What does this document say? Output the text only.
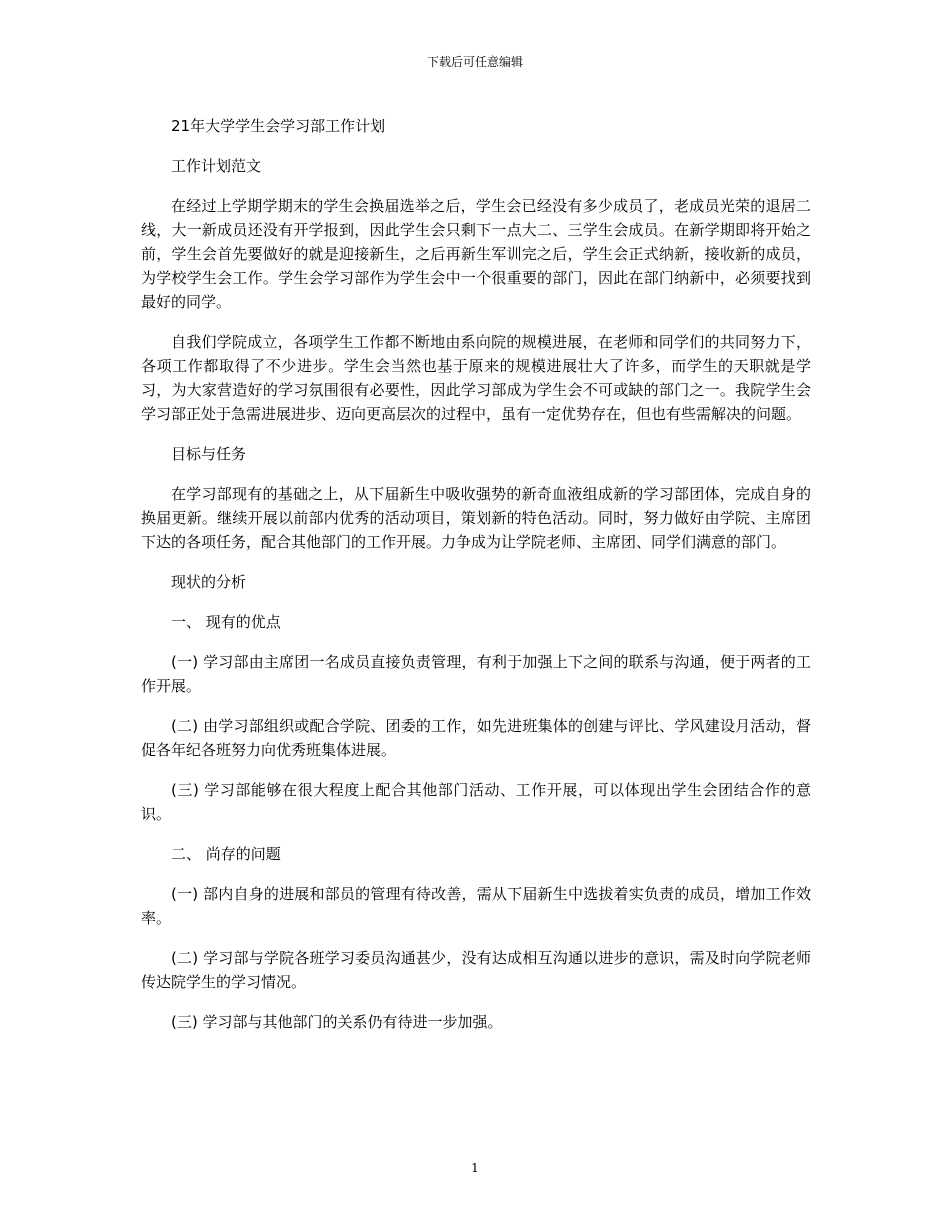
下载后可任意编辑

21年大学学生会学习部工作计划

工作计划范文

在经过上学期学期末的学生会换届选举之后，学生会已经没有多少成员了，老成员光荣的退居二线，大一新成员还没有开学报到，因此学生会只剩下一点大二、三学生会成员。在新学期即将开始之前，学生会首先要做好的就是迎接新生，之后再新生军训完之后，学生会正式纳新，接收新的成员，为学校学生会工作。学生会学习部作为学生会中一个很重要的部门，因此在部门纳新中，必须要找到最好的同学。

自我们学院成立，各项学生工作都不断地由系向院的规模进展，在老师和同学们的共同努力下，各项工作都取得了不少进步。学生会当然也基于原来的规模进展壮大了许多，而学生的天职就是学习，为大家营造好的学习氛围很有必要性，因此学习部成为学生会不可或缺的部门之一。我院学生会学习部正处于急需进展进步、迈向更高层次的过程中，虽有一定优势存在，但也有些需解决的问题。

目标与任务

在学习部现有的基础之上，从下届新生中吸收强势的新奇血液组成新的学习部团体，完成自身的换届更新。继续开展以前部内优秀的活动项目，策划新的特色活动。同时，努力做好由学院、主席团下达的各项任务，配合其他部门的工作开展。力争成为让学院老师、主席团、同学们满意的部门。

现状的分析

一、 现有的优点

(一) 学习部由主席团一名成员直接负责管理，有利于加强上下之间的联系与沟通，便于两者的工作开展。

(二) 由学习部组织或配合学院、团委的工作，如先进班集体的创建与评比、学风建设月活动，督促各年纪各班努力向优秀班集体进展。

(三) 学习部能够在很大程度上配合其他部门活动、工作开展，可以体现出学生会团结合作的意识。

二、 尚存的问题

(一) 部内自身的进展和部员的管理有待改善，需从下届新生中选拔着实负责的成员，增加工作效率。

(二) 学习部与学院各班学习委员沟通甚少，没有达成相互沟通以进步的意识，需及时向学院老师传达院学生的学习情况。

(三) 学习部与其他部门的关系仍有待进一步加强。

1
